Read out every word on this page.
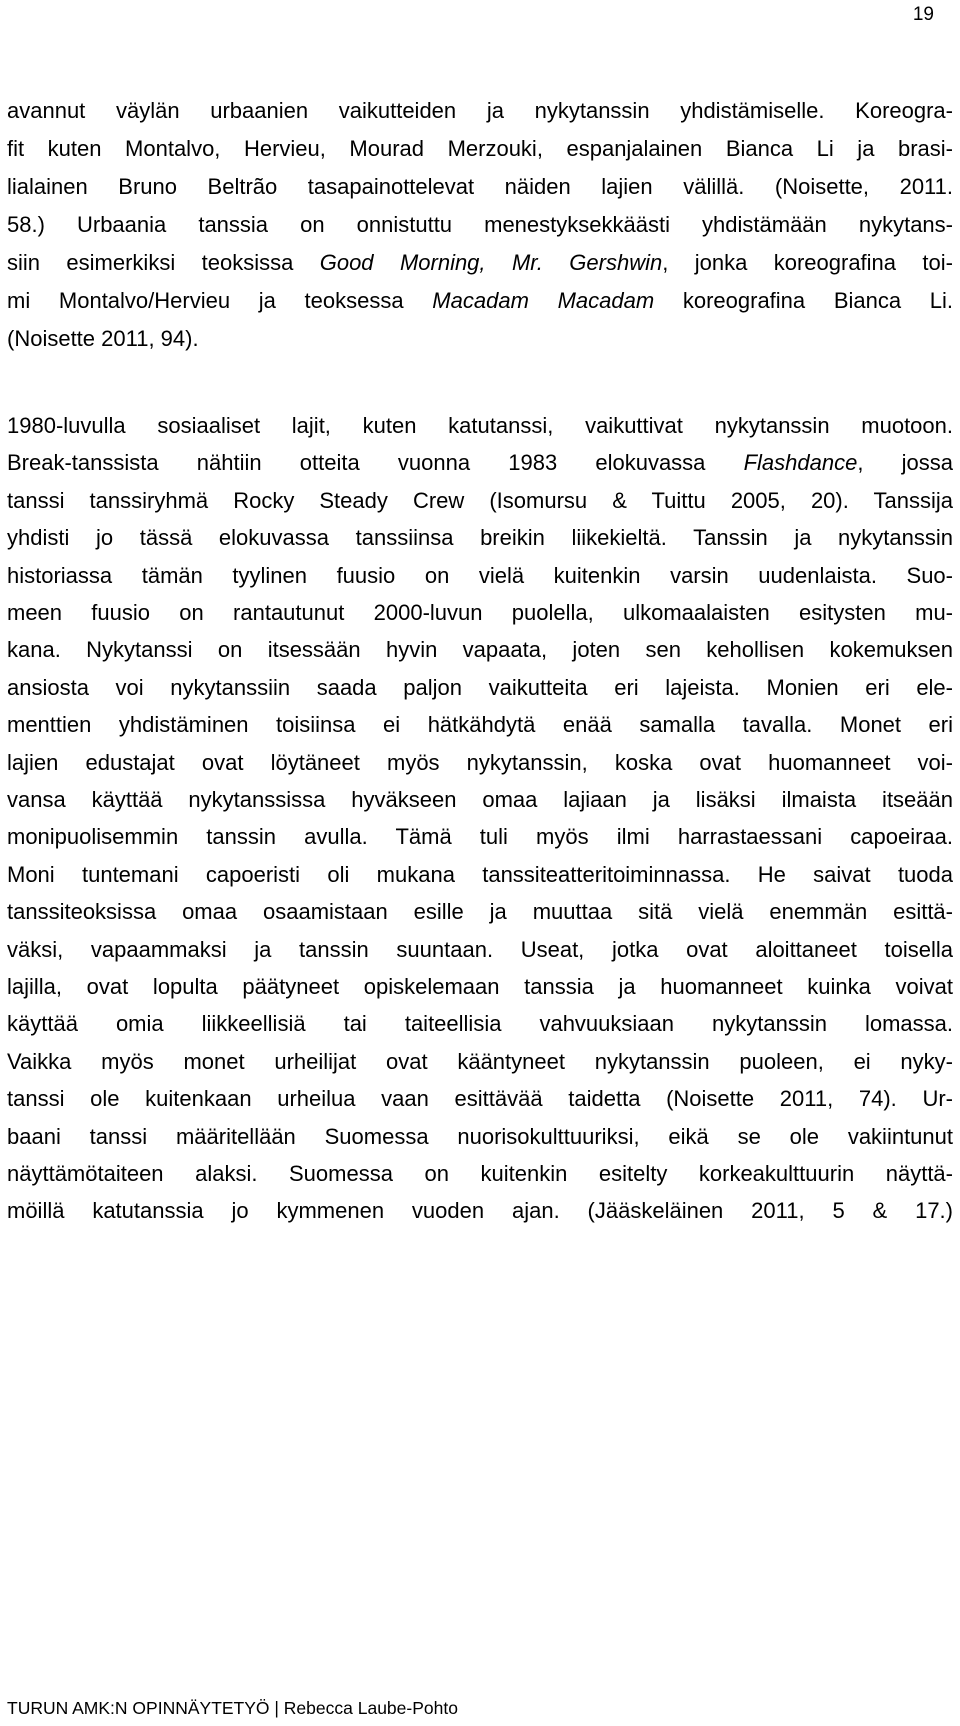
19
avannut väylän urbaanien vaikutteiden ja nykytanssin yhdistämiselle. Koreogra-
fit kuten Montalvo, Hervieu, Mourad Merzouki, espanjalainen Bianca Li ja brasi-
lialainen Bruno Beltrão tasapainottelevat näiden lajien välillä. (Noisette, 2011.
58.) Urbaania tanssia on onnistuttu menestyksekkäästi yhdistämään nykytans-
siin esimerkiksi teoksissa Good Morning, Mr. Gershwin, jonka koreografina toi-
mi Montalvo/Hervieu ja teoksessa Macadam Macadam koreografina Bianca Li.
(Noisette 2011, 94).
1980-luvulla sosiaaliset lajit, kuten katutanssi, vaikuttivat nykytanssin muotoon.
Break-tanssista nähtiin otteita vuonna 1983 elokuvassa Flashdance, jossa
tanssi tanssiryhmä Rocky Steady Crew (Isomursu & Tuittu 2005, 20). Tanssija
yhdisti jo tässä elokuvassa tanssiinsa breikin liikekieltä. Tanssin ja nykytanssin
historiassa tämän tyylinen fuusio on vielä kuitenkin varsin uudenlaista. Suo-
meen fuusio on rantautunut 2000-luvun puolella, ulkomaalaisten esitysten mu-
kana. Nykytanssi on itsessään hyvin vapaata, joten sen kehollisen kokemuksen
ansiosta voi nykytanssiin saada paljon vaikutteita eri lajeista. Monien eri ele-
menttien yhdistäminen toisiinsa ei hätkähdytä enää samalla tavalla. Monet eri
lajien edustajat ovat löytäneet myös nykytanssin, koska ovat huomanneet voi-
vansa käyttää nykytanssissa hyväkseen omaa lajiaan ja lisäksi ilmaista itseään
monipuolisemmin tanssin avulla. Tämä tuli myös ilmi harrastaessani capoeiraa.
Moni tuntemani capoeristi oli mukana tanssiteatteritoiminnassa. He saivat tuoda
tanssiteoksissa omaa osaamistaan esille ja muuttaa sitä vielä enemmän esittä-
väksi, vapaammaksi ja tanssin suuntaan. Useat, jotka ovat aloittaneet toisella
lajilla, ovat lopulta päätyneet opiskelemaan tanssia ja huomanneet kuinka voivat
käyttää omia liikkeellisiä tai taiteellisia vahvuuksiaan nykytanssin lomassa.
Vaikka myös monet urheilijat ovat kääntyneet nykytanssin puoleen, ei nyky-
tanssi ole kuitenkaan urheilua vaan esittävää taidetta (Noisette 2011, 74). Ur-
baani tanssi määritellään Suomessa nuorisokulttuuriksi, eikä se ole vakiintunut
näyttämötaiteen alaksi. Suomessa on kuitenkin esitelty korkeakulttuurin näyttä-
möillä katutanssia jo kymmenen vuoden ajan. (Jääskeläinen 2011, 5 & 17.)
TURUN AMK:N OPINNÄYTETYÖ | Rebecca Laube-Pohto
